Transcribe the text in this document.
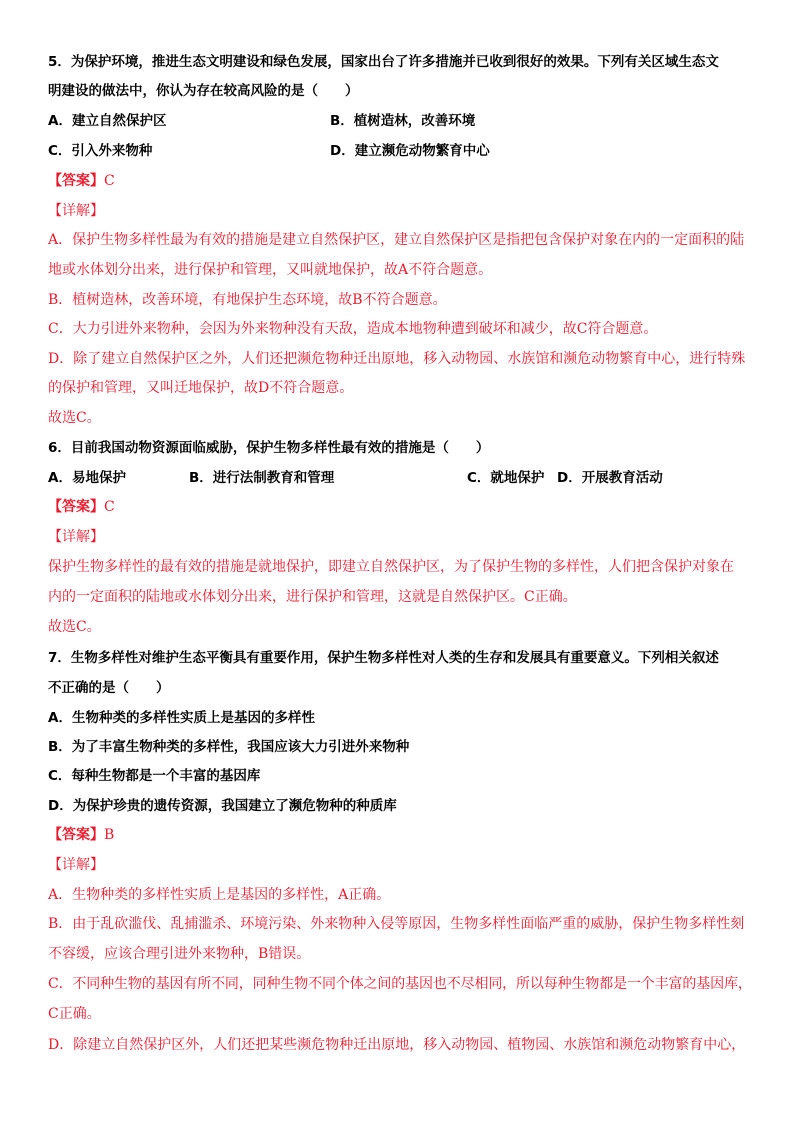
5．为保护环境，推进生态文明建设和绿色发展，国家出台了许多措施并已收到很好的效果。下列有关区域生态文
明建设的做法中，你认为存在较高风险的是（　　）
A．建立自然保护区	B．植树造林，改善环境
C．引入外来物种	D．建立濒危动物繁育中心
【答案】C
【详解】
A．保护生物多样性最为有效的措施是建立自然保护区，建立自然保护区是指把包含保护对象在内的一定面积的陆
地或水体划分出来，进行保护和管理，又叫就地保护，故A不符合题意。
B．植树造林，改善环境，有地保护生态环境，故B不符合题意。
C．大力引进外来物种，会因为外来物种没有天敌，造成本地物种遭到破坏和减少，故C符合题意。
D．除了建立自然保护区之外，人们还把濒危物种迁出原地，移入动物园、水族馆和濒危动物繁育中心，进行特殊
的保护和管理，又叫迁地保护，故D不符合题意。
故选C。
6．目前我国动物资源面临威胁，保护生物多样性最有效的措施是（　　）
A．易地保护	B．进行法制教育和管理	C．就地保护 D．开展教育活动
【答案】C
【详解】
保护生物多样性的最有效的措施是就地保护，即建立自然保护区，为了保护生物的多样性，人们把含保护对象在
内的一定面积的陆地或水体划分出来，进行保护和管理，这就是自然保护区。C正确。
故选C。
7．生物多样性对维护生态平衡具有重要作用，保护生物多样性对人类的生存和发展具有重要意义。下列相关叙述
不正确的是（　　）
A．生物种类的多样性实质上是基因的多样性
B．为了丰富生物种类的多样性，我国应该大力引进外来物种
C．每种生物都是一个丰富的基因库
D．为保护珍贵的遗传资源，我国建立了濒危物种的种质库
【答案】B
【详解】
A．生物种类的多样性实质上是基因的多样性，A正确。
B．由于乱砍滥伐、乱捕滥杀、环境污染、外来物种入侵等原因，生物多样性面临严重的威胁，保护生物多样性刻
不容缓，应该合理引进外来物种，B错误。
C．不同种生物的基因有所不同，同种生物不同个体之间的基因也不尽相同，所以每种生物都是一个丰富的基因库，
C正确。
D．除建立自然保护区外，人们还把某些濒危物种迁出原地，移入动物园、植物园、水族馆和濒危动物繁育中心，
